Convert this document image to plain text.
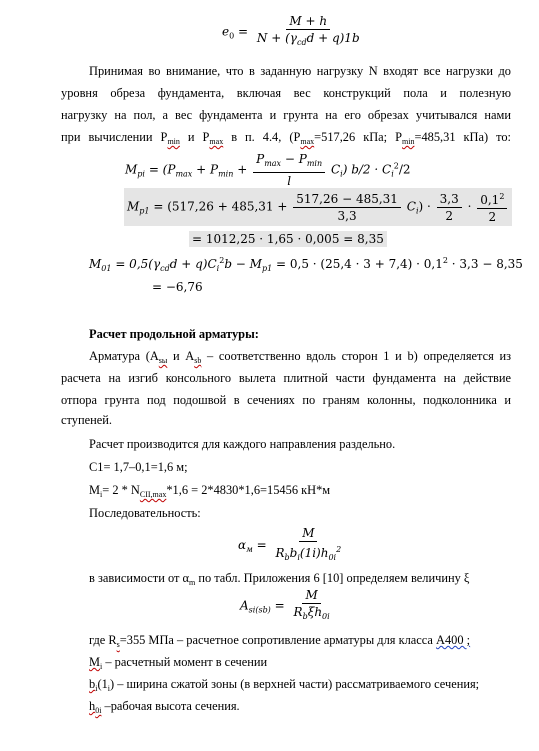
$e_0 = \frac{M + h}{N + (\gamma_{cd}d + q)1b}$
Принимая во внимание, что в заданную нагрузку N входят все нагрузки до
уровня обреза фундамента, включая вес конструкций пола и полезную
нагрузку на пол, а вес фундамента и грунта на его обрезах учитывался нами
при вычислении $P_{min}$ и $P_{max}$ в п. 4.4, ($P_{max}=517,26$ кПа; $P_{min}=485,31$ кПа) то:
$M_{pi} = (P_{max} + P_{min} + \frac{P_{max} - P_{min}}{l} C_i) b/2 \cdot C_i^2/2$
$M_{p1} = (517,26 + 485,31 + \frac{517,26 - 485,31}{3,3} C_i) \cdot \frac{3,3}{2} \cdot \frac{0,1^2}{2}$
= 1012,25 · 1,65 · 0,005 = 8,35
$M_{01} = 0,5(\gamma_{cd}d + q)C_i^2b - M_{p1} = 0,5 \cdot (25,4 \cdot 3 + 7,4) \cdot 0,1^2 \cdot 3,3 - 8,35$
= −6,76
Расчет продольной арматуры:
Арматура ($A_{sы}$ и $A_{sb}$ – соответственно вдоль сторон 1 и b) определяется из
расчета на изгиб консольного вылета плитной части фундамента на действие
отпора грунта под подошвой в сечениях по граням колонны, подколонника и
ступеней.
Расчет производится для каждого направления раздельно.
C1= 1,7–0,1=1,6 м;
$M_i= 2 * N_{CII,max}*1,6 = 2*4830*1,6=15456$ кН*м
Последовательность:
$\alpha_м = \frac{M}{R_bb_i(1i)h_{0i}^2}$
в зависимости от $\alpha_m$ по табл. Приложения 6 [10] определяем величину ξ
$A_{si(sb)} = \frac{M}{R_b\xi h_{0i}}$
где $R_s=355$ МПа – расчетное сопротивление арматуры для класса А400 ;
$M_i$ – расчетный момент в сечении
$b_i(1_i)$ – ширина сжатой зоны (в верхней части) рассматриваемого сечения;
$h_{0i}$ –рабочая высота сечения.
